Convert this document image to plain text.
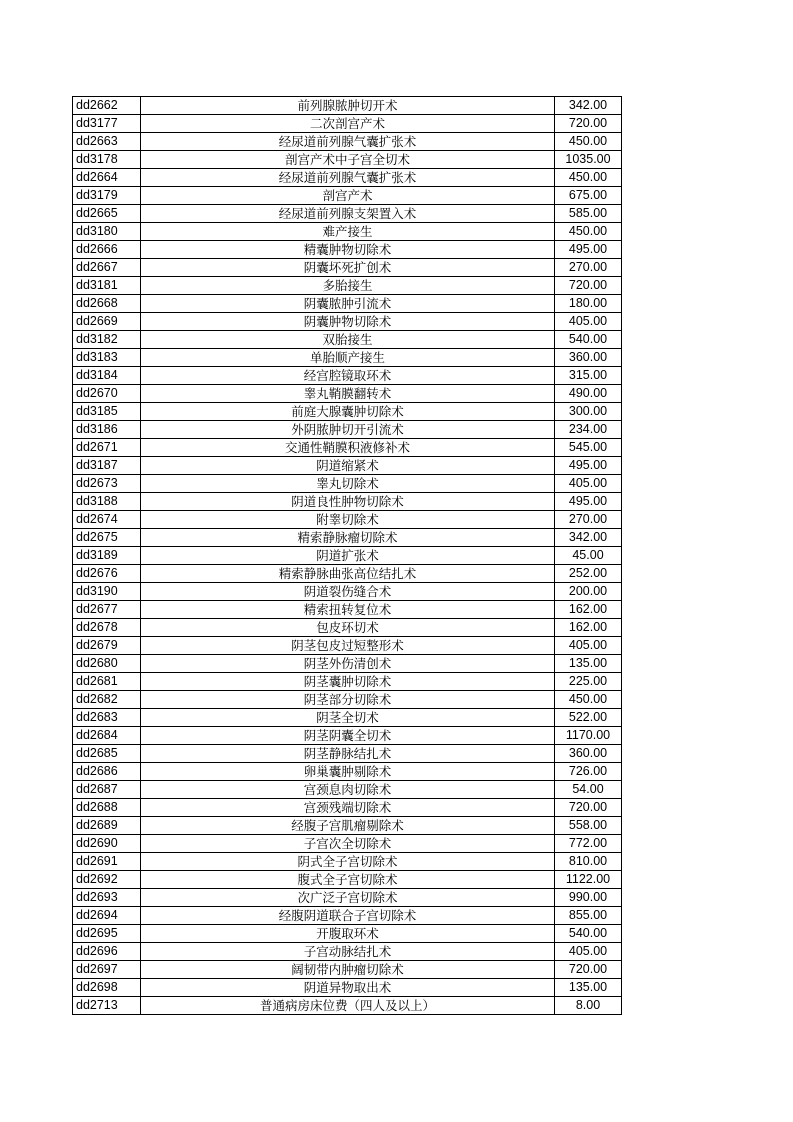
dd2662	前列腺脓肿切开术	342.00
dd3177	二次剖宫产术	720.00
dd2663	经尿道前列腺气囊扩张术	450.00
dd3178	剖宫产术中子宫全切术	1035.00
dd2664	经尿道前列腺气囊扩张术	450.00
dd3179	剖宫产术	675.00
dd2665	经尿道前列腺支架置入术	585.00
dd3180	难产接生	450.00
dd2666	精囊肿物切除术	495.00
dd2667	阴囊坏死扩创术	270.00
dd3181	多胎接生	720.00
dd2668	阴囊脓肿引流术	180.00
dd2669	阴囊肿物切除术	405.00
dd3182	双胎接生	540.00
dd3183	单胎顺产接生	360.00
dd3184	经宫腔镜取环术	315.00
dd2670	睾丸鞘膜翻转术	490.00
dd3185	前庭大腺囊肿切除术	300.00
dd3186	外阴脓肿切开引流术	234.00
dd2671	交通性鞘膜积液修补术	545.00
dd3187	阴道缩紧术	495.00
dd2673	睾丸切除术	405.00
dd3188	阴道良性肿物切除术	495.00
dd2674	附睾切除术	270.00
dd2675	精索静脉瘤切除术	342.00
dd3189	阴道扩张术	45.00
dd2676	精索静脉曲张高位结扎术	252.00
dd3190	阴道裂伤缝合术	200.00
dd2677	精索扭转复位术	162.00
dd2678	包皮环切术	162.00
dd2679	阴茎包皮过短整形术	405.00
dd2680	阴茎外伤清创术	135.00
dd2681	阴茎囊肿切除术	225.00
dd2682	阴茎部分切除术	450.00
dd2683	阴茎全切术	522.00
dd2684	阴茎阴囊全切术	1170.00
dd2685	阴茎静脉结扎术	360.00
dd2686	卵巢囊肿剔除术	726.00
dd2687	宫颈息肉切除术	54.00
dd2688	宫颈残端切除术	720.00
dd2689	经腹子宫肌瘤剔除术	558.00
dd2690	子宫次全切除术	772.00
dd2691	阴式全子宫切除术	810.00
dd2692	腹式全子宫切除术	1122.00
dd2693	次广泛子宫切除术	990.00
dd2694	经腹阴道联合子宫切除术	855.00
dd2695	开腹取环术	540.00
dd2696	子宫动脉结扎术	405.00
dd2697	阔韧带内肿瘤切除术	720.00
dd2698	阴道异物取出术	135.00
dd2713	普通病房床位费（四人及以上）	8.00
